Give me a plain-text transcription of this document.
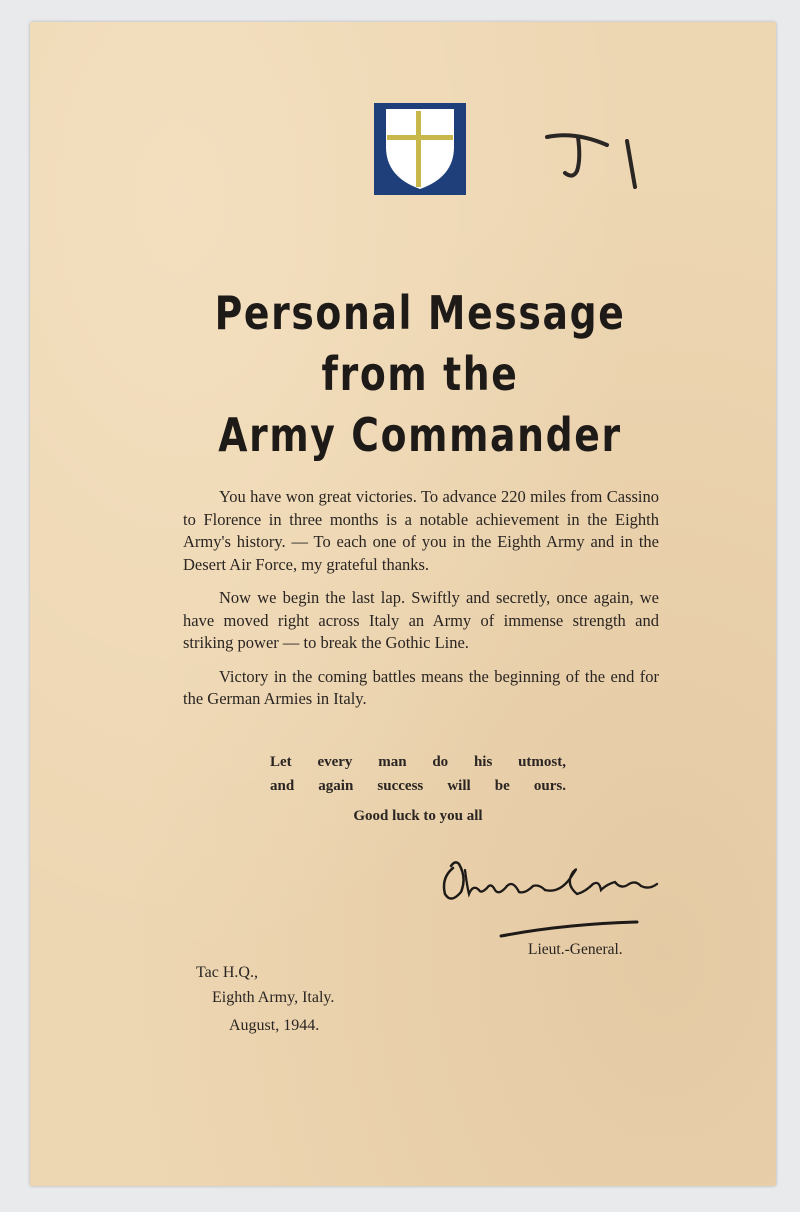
Personal Message
from the
Army Commander

You have won great victories. To advance 220 miles from Cassino to Florence in three months is a notable achievement in the Eighth Army's history. — To each one of you in the Eighth Army and in the Desert Air Force, my grateful thanks.

Now we begin the last lap. Swiftly and secretly, once again, we have moved right across Italy an Army of immense strength and striking power — to break the Gothic Line.

Victory in the coming battles means the beginning of the end for the German Armies in Italy.

Let every man do his utmost,
and again success will be ours.
Good luck to you all
Lieut.-General.
Tac H.Q.,
Eighth Army, Italy.
August, 1944.
